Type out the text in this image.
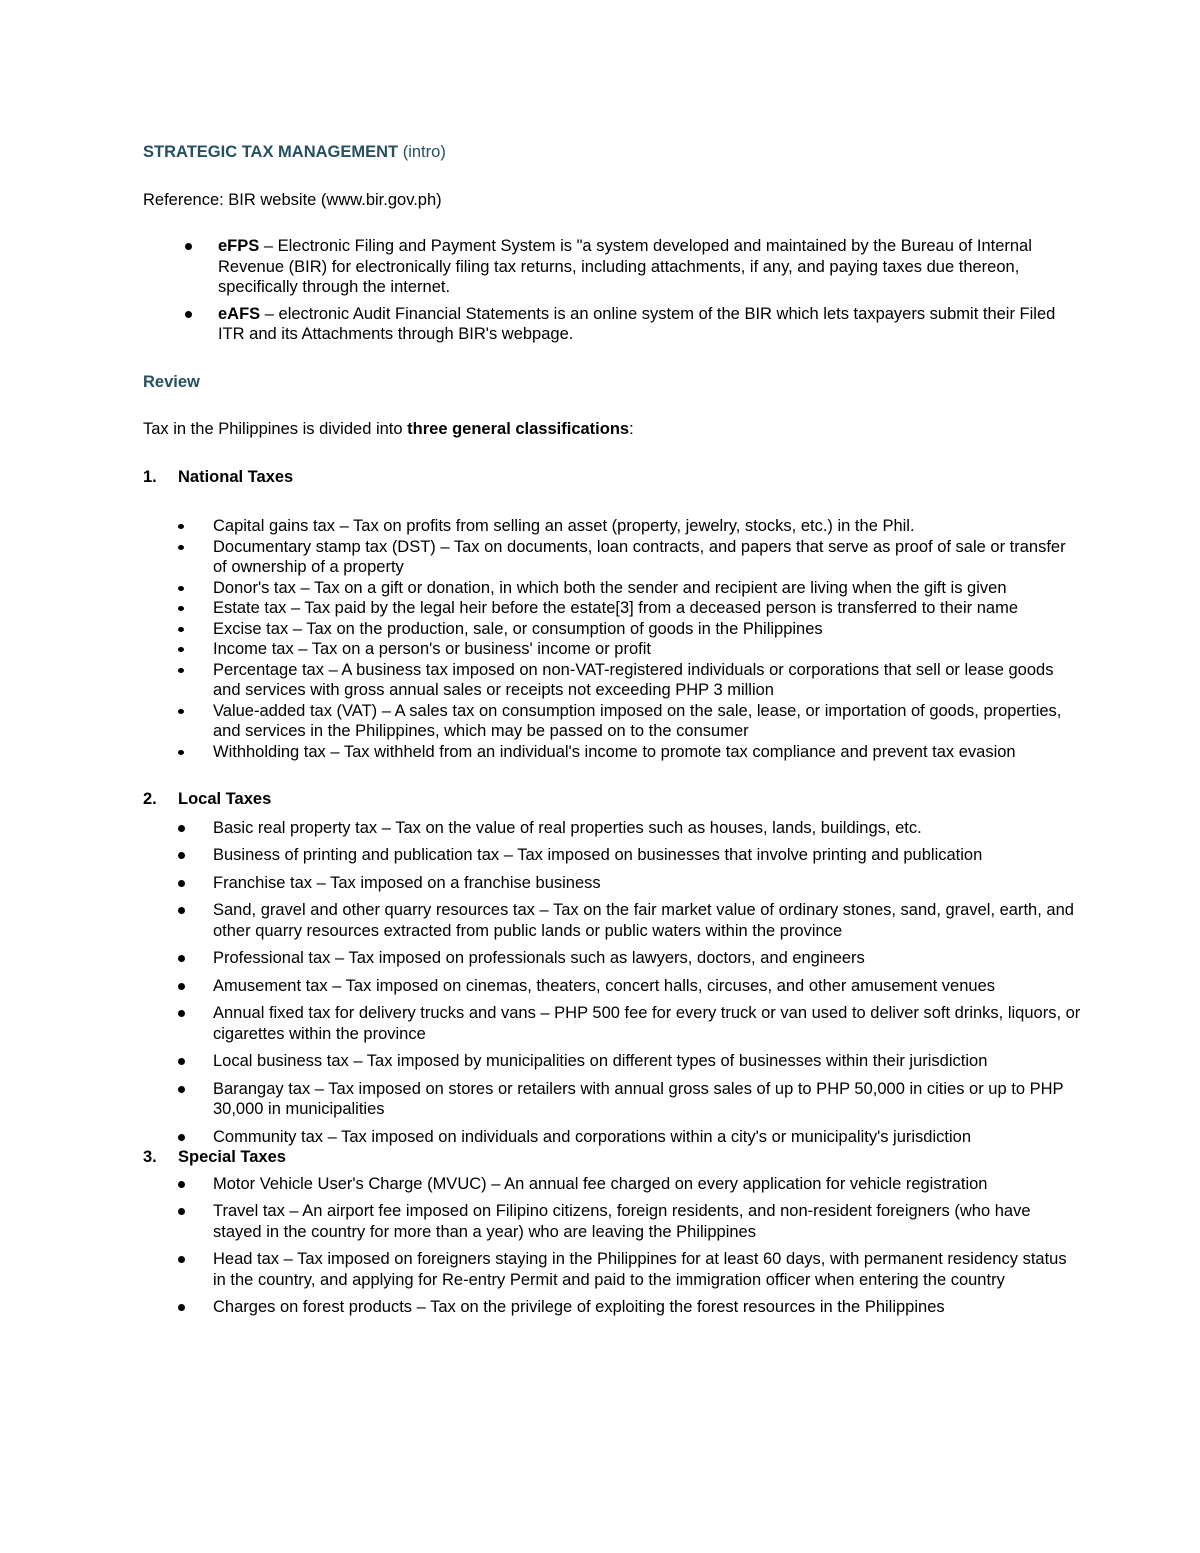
STRATEGIC TAX MANAGEMENT (intro)

Reference: BIR website (www.bir.gov.ph)

eFPS – Electronic Filing and Payment System is "a system developed and maintained by the Bureau of Internal Revenue (BIR) for electronically filing tax returns, including attachments, if any, and paying taxes due thereon, specifically through the internet.
eAFS – electronic Audit Financial Statements is an online system of the BIR which lets taxpayers submit their Filed ITR and its Attachments through BIR's webpage.

Review

Tax in the Philippines is divided into three general classifications:

1. National Taxes

Capital gains tax – Tax on profits from selling an asset (property, jewelry, stocks, etc.) in the Phil.
Documentary stamp tax (DST) – Tax on documents, loan contracts, and papers that serve as proof of sale or transfer of ownership of a property
Donor's tax – Tax on a gift or donation, in which both the sender and recipient are living when the gift is given
Estate tax – Tax paid by the legal heir before the estate[3] from a deceased person is transferred to their name
Excise tax – Tax on the production, sale, or consumption of goods in the Philippines
Income tax – Tax on a person's or business' income or profit
Percentage tax – A business tax imposed on non-VAT-registered individuals or corporations that sell or lease goods and services with gross annual sales or receipts not exceeding PHP 3 million
Value-added tax (VAT) – A sales tax on consumption imposed on the sale, lease, or importation of goods, properties, and services in the Philippines, which may be passed on to the consumer
Withholding tax – Tax withheld from an individual's income to promote tax compliance and prevent tax evasion

2. Local Taxes

Basic real property tax – Tax on the value of real properties such as houses, lands, buildings, etc.
Business of printing and publication tax – Tax imposed on businesses that involve printing and publication
Franchise tax – Tax imposed on a franchise business
Sand, gravel and other quarry resources tax – Tax on the fair market value of ordinary stones, sand, gravel, earth, and other quarry resources extracted from public lands or public waters within the province
Professional tax – Tax imposed on professionals such as lawyers, doctors, and engineers
Amusement tax – Tax imposed on cinemas, theaters, concert halls, circuses, and other amusement venues
Annual fixed tax for delivery trucks and vans – PHP 500 fee for every truck or van used to deliver soft drinks, liquors, or cigarettes within the province
Local business tax – Tax imposed by municipalities on different types of businesses within their jurisdiction
Barangay tax – Tax imposed on stores or retailers with annual gross sales of up to PHP 50,000 in cities or up to PHP 30,000 in municipalities
Community tax – Tax imposed on individuals and corporations within a city's or municipality's jurisdiction

3. Special Taxes

Motor Vehicle User's Charge (MVUC) – An annual fee charged on every application for vehicle registration
Travel tax – An airport fee imposed on Filipino citizens, foreign residents, and non-resident foreigners (who have stayed in the country for more than a year) who are leaving the Philippines
Head tax – Tax imposed on foreigners staying in the Philippines for at least 60 days, with permanent residency status in the country, and applying for Re-entry Permit and paid to the immigration officer when entering the country
Charges on forest products – Tax on the privilege of exploiting the forest resources in the Philippines
